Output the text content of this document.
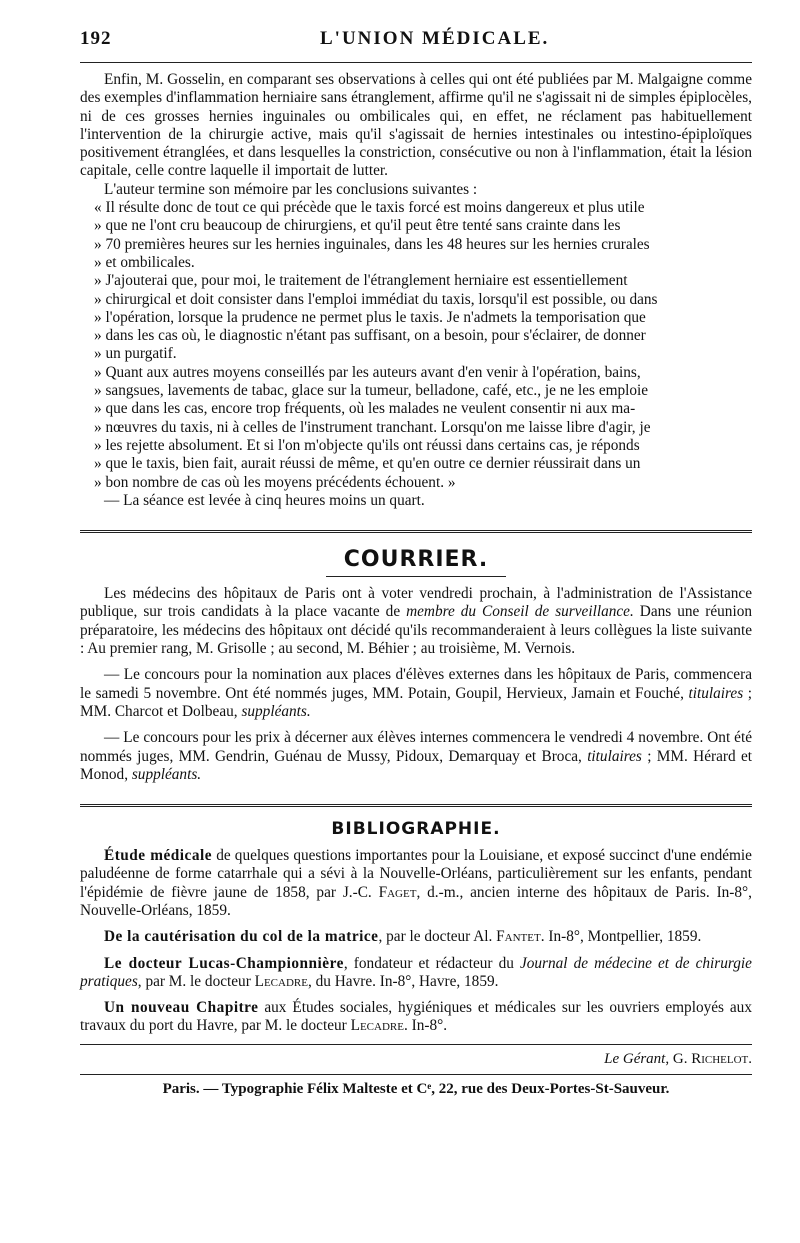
192	L'UNION MÉDICALE.

Enfin, M. Gosselin, en comparant ses observations à celles qui ont été publiées par M. Malgaigne comme des exemples d'inflammation herniaire sans étranglement, affirme qu'il ne s'agissait ni de simples épiplocèles, ni de ces grosses hernies inguinales ou ombilicales qui, en effet, ne réclament pas habituellement l'intervention de la chirurgie active, mais qu'il s'agissait de hernies intestinales ou intestino-épiploïques positivement étranglées, et dans lesquelles la constriction, consécutive ou non à l'inflammation, était la lésion capitale, celle contre laquelle il importait de lutter.

L'auteur termine son mémoire par les conclusions suivantes :

« Il résulte donc de tout ce qui précède que le taxis forcé est moins dangereux et plus utile

» que ne l'ont cru beaucoup de chirurgiens, et qu'il peut être tenté sans crainte dans les

» 70 premières heures sur les hernies inguinales, dans les 48 heures sur les hernies crurales

» et ombilicales.

» J'ajouterai que, pour moi, le traitement de l'étranglement herniaire est essentiellement

» chirurgical et doit consister dans l'emploi immédiat du taxis, lorsqu'il est possible, ou dans

» l'opération, lorsque la prudence ne permet plus le taxis. Je n'admets la temporisation que

» dans les cas où, le diagnostic n'étant pas suffisant, on a besoin, pour s'éclairer, de donner

» un purgatif.

» Quant aux autres moyens conseillés par les auteurs avant d'en venir à l'opération, bains,

» sangsues, lavements de tabac, glace sur la tumeur, belladone, café, etc., je ne les emploie

» que dans les cas, encore trop fréquents, où les malades ne veulent consentir ni aux ma-

» nœuvres du taxis, ni à celles de l'instrument tranchant. Lorsqu'on me laisse libre d'agir, je

» les rejette absolument. Et si l'on m'objecte qu'ils ont réussi dans certains cas, je réponds

» que le taxis, bien fait, aurait réussi de même, et qu'en outre ce dernier réussirait dans un

» bon nombre de cas où les moyens précédents échouent. »

— La séance est levée à cinq heures moins un quart.

COURRIER.

Les médecins des hôpitaux de Paris ont à voter vendredi prochain, à l'administration de l'Assistance publique, sur trois candidats à la place vacante de membre du Conseil de surveillance. Dans une réunion préparatoire, les médecins des hôpitaux ont décidé qu'ils recommanderaient à leurs collègues la liste suivante : Au premier rang, M. Grisolle ; au second, M. Béhier ; au troisième, M. Vernois.

— Le concours pour la nomination aux places d'élèves externes dans les hôpitaux de Paris, commencera le samedi 5 novembre. Ont été nommés juges, MM. Potain, Goupil, Hervieux, Jamain et Fouché, titulaires ; MM. Charcot et Dolbeau, suppléants.

— Le concours pour les prix à décerner aux élèves internes commencera le vendredi 4 novembre. Ont été nommés juges, MM. Gendrin, Guénau de Mussy, Pidoux, Demarquay et Broca, titulaires ; MM. Hérard et Monod, suppléants.

BIBLIOGRAPHIE.

Étude médicale de quelques questions importantes pour la Louisiane, et exposé succinct d'une endémie paludéenne de forme catarrhale qui a sévi à la Nouvelle-Orléans, particulièrement sur les enfants, pendant l'épidémie de fièvre jaune de 1858, par J.-C. Faget, d.-m., ancien interne des hôpitaux de Paris. In-8°, Nouvelle-Orléans, 1859.

De la cautérisation du col de la matrice, par le docteur Al. Fantet. In-8°, Montpellier, 1859.

Le docteur Lucas-Championnière, fondateur et rédacteur du Journal de médecine et de chirurgie pratiques, par M. le docteur Lecadre, du Havre. In-8°, Havre, 1859.

Un nouveau Chapitre aux Études sociales, hygiéniques et médicales sur les ouvriers employés aux travaux du port du Havre, par M. le docteur Lecadre. In-8°.

Le Gérant, G. Richelot.
Paris. — Typographie Félix Malteste et Cᵉ, 22, rue des Deux-Portes-St-Sauveur.
